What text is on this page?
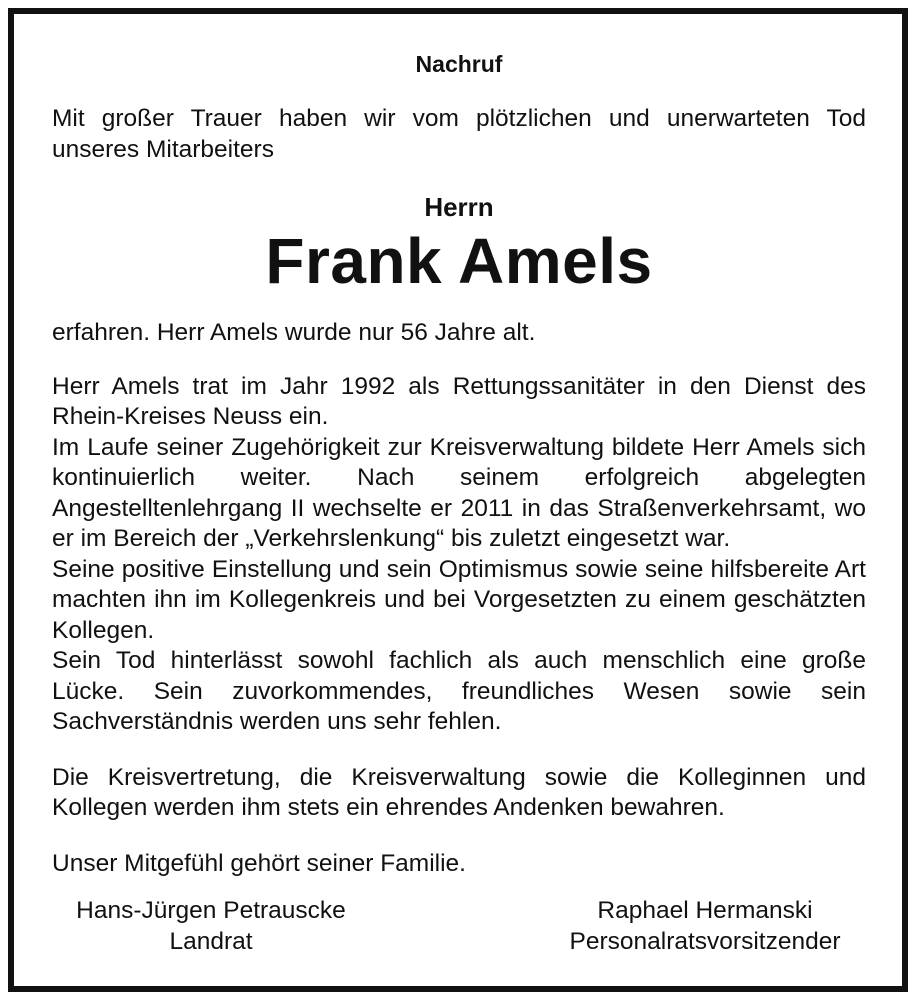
Nachruf

Mit großer Trauer haben wir vom plötzlichen und unerwarteten Tod unseres Mitarbeiters

Herrn
Frank Amels

erfahren. Herr Amels wurde nur 56 Jahre alt.

Herr Amels trat im Jahr 1992 als Rettungssanitäter in den Dienst des Rhein-Kreises Neuss ein.

Im Laufe seiner Zugehörigkeit zur Kreisverwaltung bildete Herr Amels sich kontinuierlich weiter. Nach seinem erfolgreich abgelegten Angestelltenlehrgang II wechselte er 2011 in das Straßenverkehrsamt, wo er im Bereich der „Verkehrslenkung“ bis zuletzt eingesetzt war.

Seine positive Einstellung und sein Optimismus sowie seine hilfsbereite Art machten ihn im Kollegenkreis und bei Vorgesetzten zu einem geschätzten Kollegen.

Sein Tod hinterlässt sowohl fachlich als auch menschlich eine große Lücke. Sein zuvorkommendes, freundliches Wesen sowie sein Sachverständnis werden uns sehr fehlen.

Die Kreisvertretung, die Kreisverwaltung sowie die Kolleginnen und Kollegen werden ihm stets ein ehrendes Andenken bewahren.

Unser Mitgefühl gehört seiner Familie.

Hans-Jürgen Petrauscke
Landrat
Raphael Hermanski
Personalratsvorsitzender
